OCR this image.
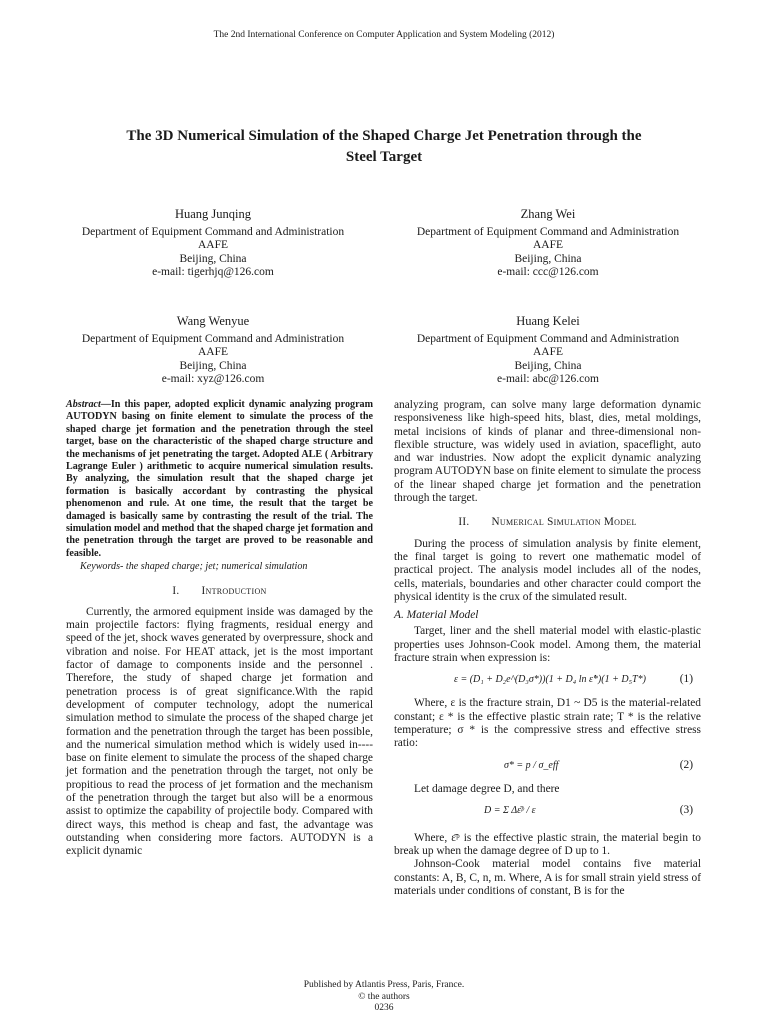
The 2nd International Conference on Computer Application and System Modeling (2012)
The 3D Numerical Simulation of the Shaped Charge Jet Penetration through the
Steel Target
Huang Junqing
Department of Equipment Command and Administration
AAFE
Beijing, China
e-mail: tigerhjq@126.com
Zhang Wei
Department of Equipment Command and Administration
AAFE
Beijing, China
e-mail: ccc@126.com
Wang Wenyue
Department of Equipment Command and Administration
AAFE
Beijing, China
e-mail: xyz@126.com
Huang Kelei
Department of Equipment Command and Administration
AAFE
Beijing, China
e-mail: abc@126.com

Abstract—In this paper, adopted explicit dynamic analyzing program AUTODYN basing on finite element to simulate the process of the shaped charge jet formation and the penetration through the steel target, base on the characteristic of the shaped charge structure and the mechanisms of jet penetrating the target. Adopted ALE ( Arbitrary Lagrange Euler ) arithmetic to acquire numerical simulation results. By analyzing, the simulation result that the shaped charge jet formation is basically accordant by contrasting the physical phenomenon and rule. At one time, the result that the target be damaged is basically same by contrasting the result of the trial. The simulation model and method that the shaped charge jet formation and the penetration through the target are proved to be reasonable and feasible.

Keywords- the shaped charge; jet; numerical simulation

I. Introduction

Currently, the armored equipment inside was damaged by the main projectile factors: flying fragments, residual energy and speed of the jet, shock waves generated by overpressure, shock and vibration and noise. For HEAT attack, jet is the most important factor of damage to components inside and the personnel . Therefore, the study of shaped charge jet formation and penetration process is of great significance.With the rapid development of computer technology, adopt the numerical simulation method to simulate the process of the shaped charge jet formation and the penetration through the target has been possible, and the numerical simulation method which is widely used in---- base on finite element to simulate the process of the shaped charge jet formation and the penetration through the target, not only be propitious to read the process of jet formation and the mechanism of the penetration through the target but also will be a enormous assist to optimize the capability of projectile body. Compared with direct ways, this method is cheap and fast, the advantage was outstanding when considering more factors. AUTODYN is a explicit dynamic

analyzing program, can solve many large deformation dynamic responsiveness like high-speed hits, blast, dies, metal moldings, metal incisions of kinds of planar and three-dimensional non-flexible structure, was widely used in aviation, spaceflight, auto and war industries. Now adopt the explicit dynamic analyzing program AUTODYN base on finite element to simulate the process of the linear shaped charge jet formation and the penetration through the target.

II. Numerical Simulation Model

During the process of simulation analysis by finite element, the final target is going to revert one mathematic model of practical project. The analysis model includes all of the nodes, cells, materials, boundaries and other character could comport the physical identity is the crux of the simulated result.

A. Material Model

Target, liner and the shell material model with elastic-plastic properties uses Johnson-Cook model. Among them, the material fracture strain when expression is:

ε = (D₁ + D₂e^(D₃σ*))(1 + D₄ ln ε̇*)(1 + D₅T*)	(1)

Where, ε is the fracture strain, D1 ~ D5 is the material-related constant; ε * is the effective plastic strain rate; T * is the relative temperature; σ * is the compressive stress and effective stress ratio:

σ* = p / σ_eff	(2)

Let damage degree D, and there

D = Σ Δε̄ᵖ / ε	(3)

Where, ε̄ᵖ is the effective plastic strain, the material begin to break up when the damage degree of D up to 1.

Johnson-Cook material model contains five material constants: A, B, C, n, m. Where, A is for small strain yield stress of materials under conditions of constant, B is for the

Published by Atlantis Press, Paris, France.
© the authors
0236
